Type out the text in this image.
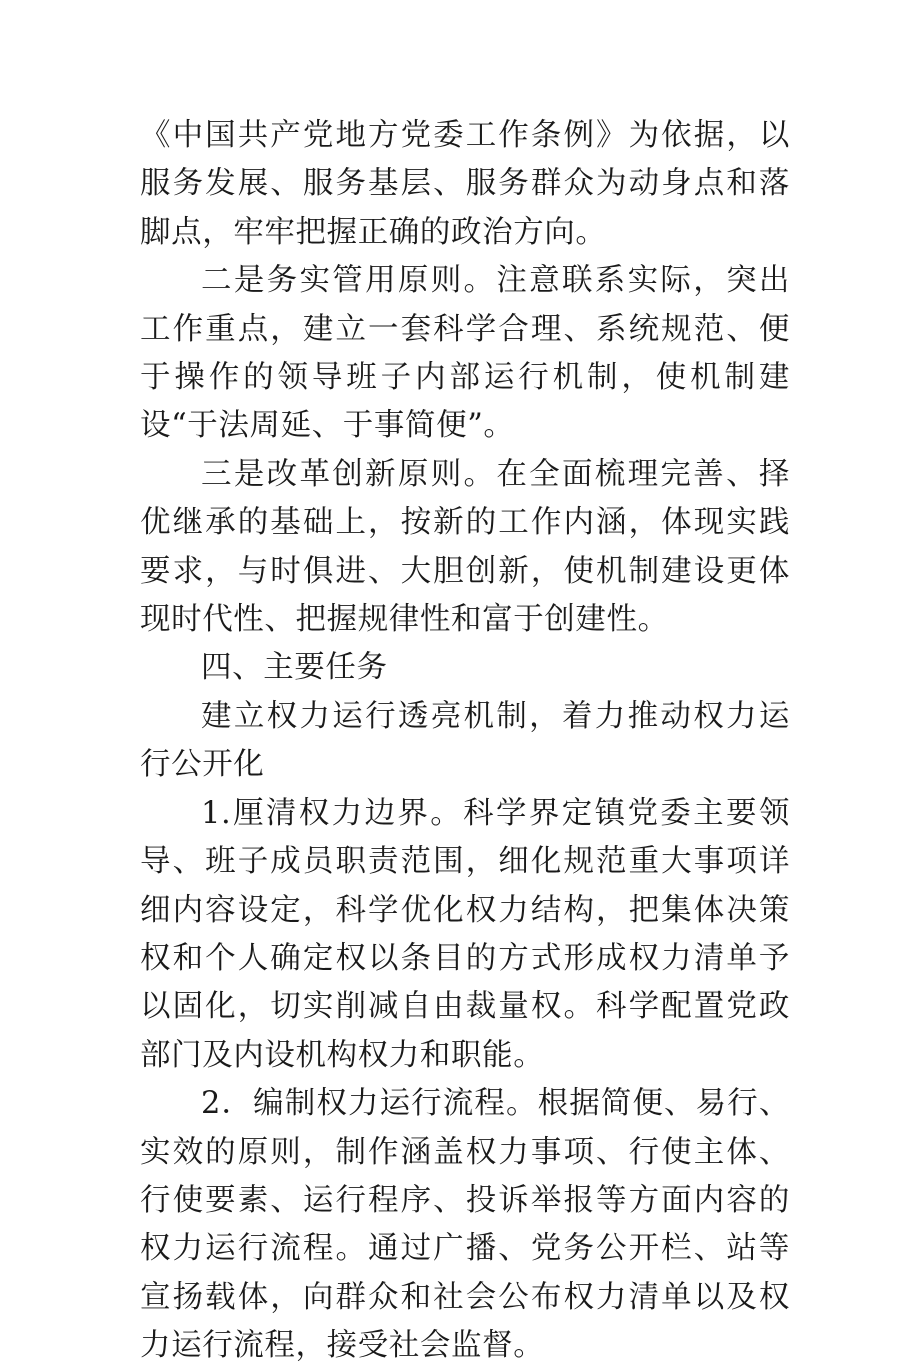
《中国共产党地方党委工作条例》为依据，以服务发展、服务基层、服务群众为动身点和落脚点，牢牢把握正确的政治方向。

二是务实管用原则。注意联系实际，突出工作重点，建立一套科学合理、系统规范、便于操作的领导班子内部运行机制，使机制建设“于法周延、于事简便”。

三是改革创新原则。在全面梳理完善、择优继承的基础上，按新的工作内涵，体现实践要求，与时俱进、大胆创新，使机制建设更体现时代性、把握规律性和富于创建性。

四、主要任务

建立权力运行透亮机制，着力推动权力运行公开化

1.厘清权力边界。科学界定镇党委主要领导、班子成员职责范围，细化规范重大事项详细内容设定，科学优化权力结构，把集体决策权和个人确定权以条目的方式形成权力清单予以固化，切实削减自由裁量权。科学配置党政部门及内设机构权力和职能。

2．编制权力运行流程。根据简便、易行、实效的原则，制作涵盖权力事项、行使主体、行使要素、运行程序、投诉举报等方面内容的权力运行流程。通过广播、党务公开栏、站等宣扬载体，向群众和社会公布权力清单以及权力运行流程，接受社会监督。
